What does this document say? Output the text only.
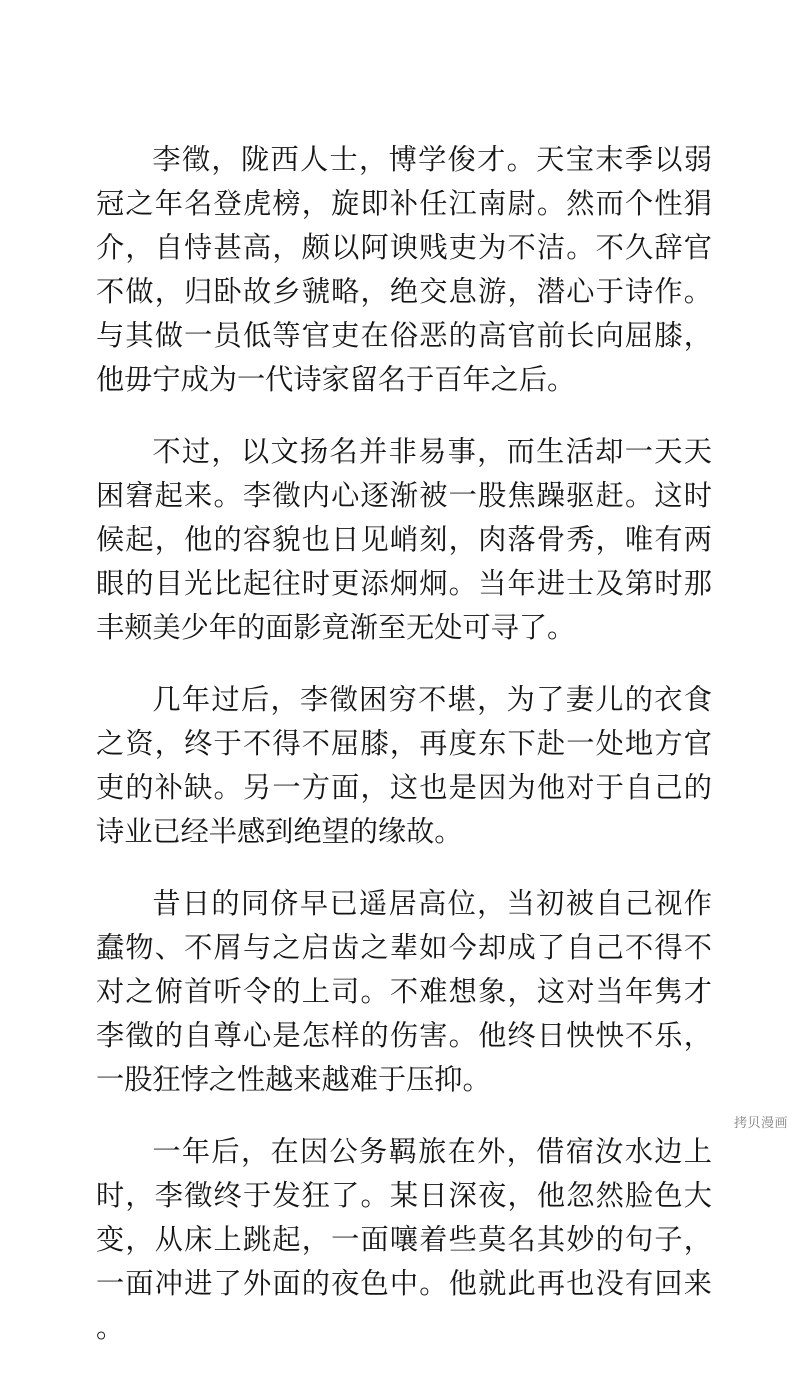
李徵，陇西人士，博学俊才。天宝末季以弱冠之年名登虎榜，旋即补任江南尉。然而个性狷介，自恃甚高，颇以阿谀贱吏为不洁。不久辞官不做，归卧故乡虢略，绝交息游，潜心于诗作。与其做一员低等官吏在俗恶的高官前长向屈膝，他毋宁成为一代诗家留名于百年之后。

不过，以文扬名并非易事，而生活却一天天困窘起来。李徵内心逐渐被一股焦躁驱赶。这时候起，他的容貌也日见峭刻，肉落骨秀，唯有两眼的目光比起往时更添炯炯。当年进士及第时那丰颊美少年的面影竟渐至无处可寻了。

几年过后，李徵困穷不堪，为了妻儿的衣食之资，终于不得不屈膝，再度东下赴一处地方官吏的补缺。另一方面，这也是因为他对于自己的诗业已经半感到绝望的缘故。

昔日的同侪早已遥居高位，当初被自己视作蠢物、不屑与之启齿之辈如今却成了自己不得不对之俯首听令的上司。不难想象，这对当年隽才李徵的自尊心是怎样的伤害。他终日怏怏不乐，一股狂悖之性越来越难于压抑。

一年后，在因公务羁旅在外，借宿汝水边上时，李徵终于发狂了。某日深夜，他忽然脸色大变，从床上跳起，一面嚷着些莫名其妙的句子，一面冲进了外面的夜色中。他就此再也没有回来。

拷贝漫画
